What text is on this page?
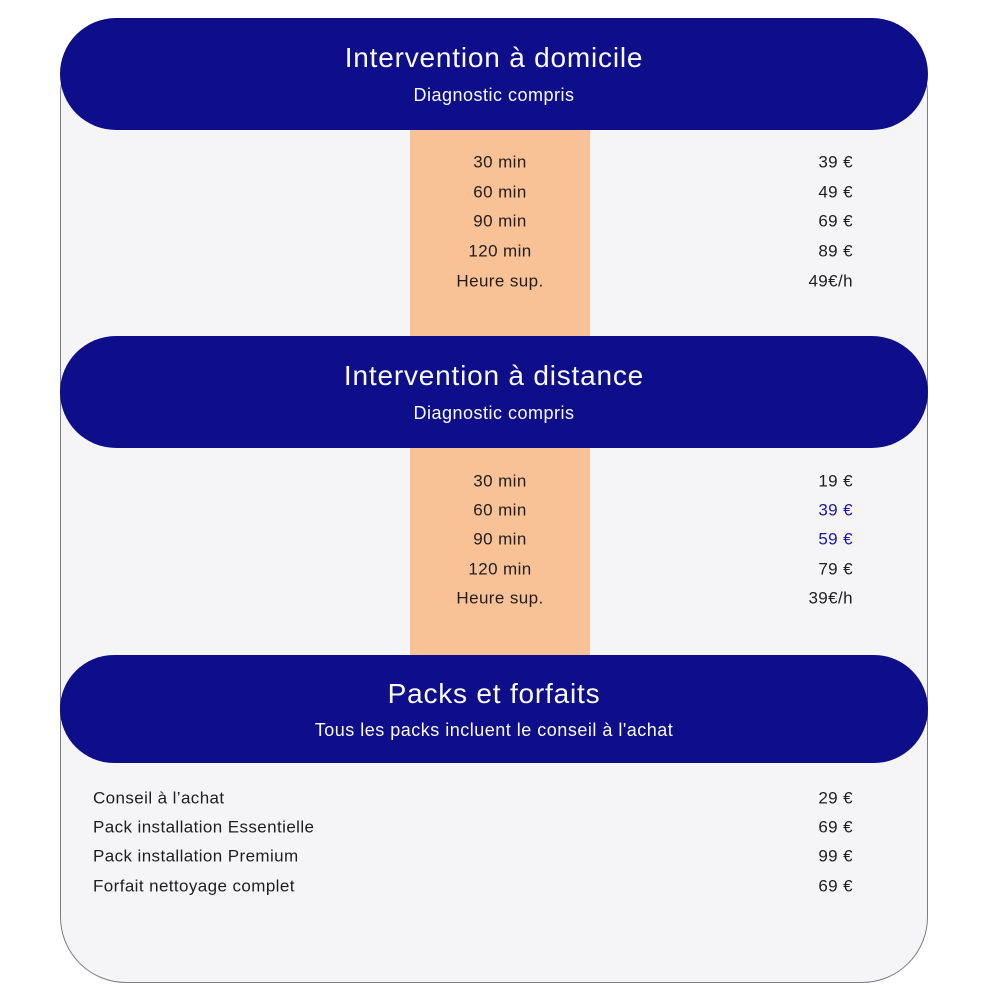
Intervention à domicile
Diagnostic compris
30 min	39 €
60 min	49 €
90 min	69 €
120 min	89 €
Heure sup.	49€/h
Intervention à distance
Diagnostic compris
30 min	19 €
60 min	39 €
90 min	59 €
120 min	79 €
Heure sup.	39€/h
Packs et forfaits
Tous les packs incluent le conseil à l'achat
Conseil à l’achat	29 €
Pack installation Essentielle	69 €
Pack installation Premium	99 €
Forfait nettoyage complet	69 €
